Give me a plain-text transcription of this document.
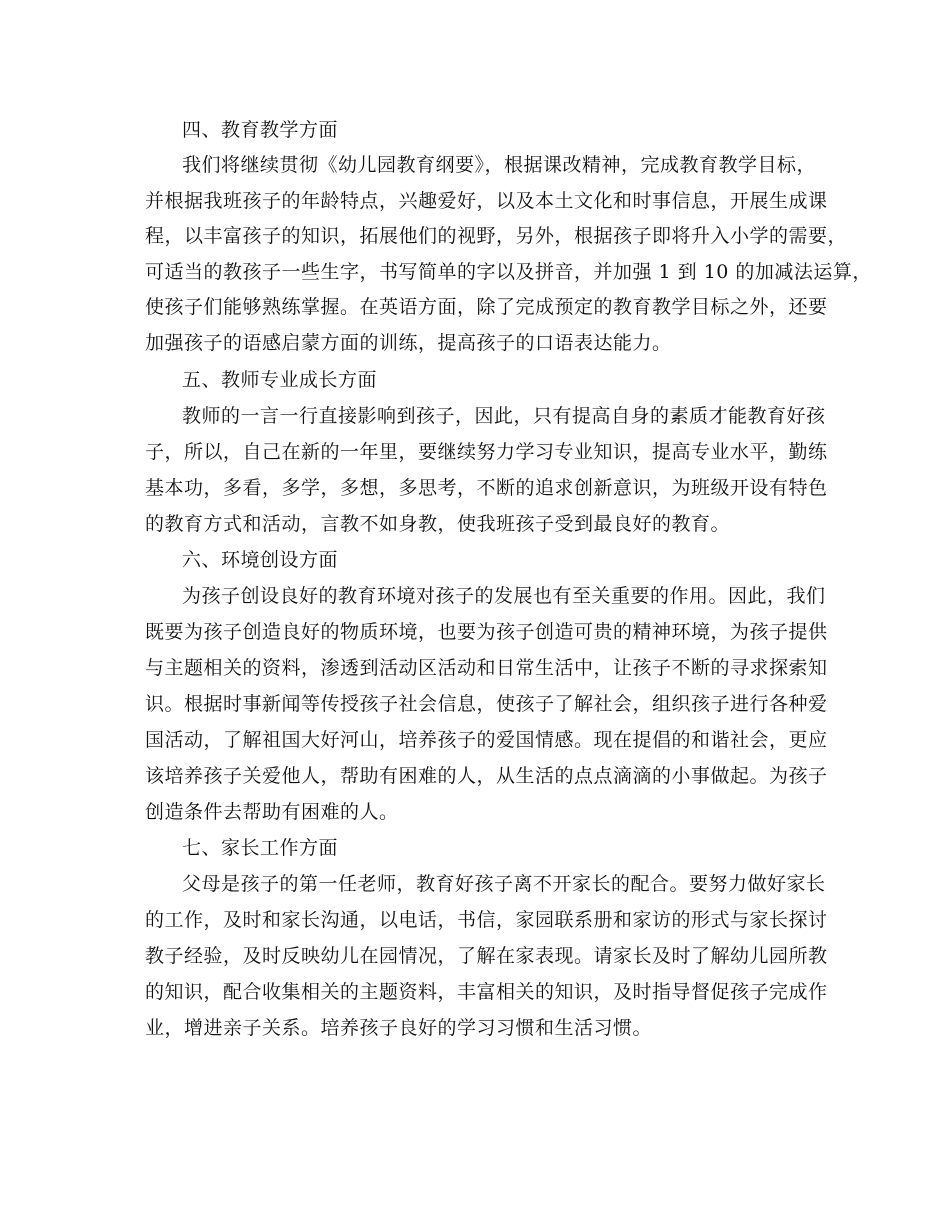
四、教育教学方面
我们将继续贯彻《幼儿园教育纲要》，根据课改精神，完成教育教学目标，
并根据我班孩子的年龄特点，兴趣爱好，以及本土文化和时事信息，开展生成课
程，以丰富孩子的知识，拓展他们的视野，另外，根据孩子即将升入小学的需要，
可适当的教孩子一些生字，书写简单的字以及拼音，并加强 1 到 10 的加减法运算，
使孩子们能够熟练掌握。在英语方面，除了完成预定的教育教学目标之外，还要
加强孩子的语感启蒙方面的训练，提高孩子的口语表达能力。
五、教师专业成长方面
教师的一言一行直接影响到孩子，因此，只有提高自身的素质才能教育好孩
子，所以，自己在新的一年里，要继续努力学习专业知识，提高专业水平，勤练
基本功，多看，多学，多想，多思考，不断的追求创新意识，为班级开设有特色
的教育方式和活动，言教不如身教，使我班孩子受到最良好的教育。
六、环境创设方面
为孩子创设良好的教育环境对孩子的发展也有至关重要的作用。因此，我们
既要为孩子创造良好的物质环境，也要为孩子创造可贵的精神环境，为孩子提供
与主题相关的资料，渗透到活动区活动和日常生活中，让孩子不断的寻求探索知
识。根据时事新闻等传授孩子社会信息，使孩子了解社会，组织孩子进行各种爱
国活动，了解祖国大好河山，培养孩子的爱国情感。现在提倡的和谐社会，更应
该培养孩子关爱他人，帮助有困难的人，从生活的点点滴滴的小事做起。为孩子
创造条件去帮助有困难的人。
七、家长工作方面
父母是孩子的第一任老师，教育好孩子离不开家长的配合。要努力做好家长
的工作，及时和家长沟通，以电话，书信，家园联系册和家访的形式与家长探讨
教子经验，及时反映幼儿在园情况，了解在家表现。请家长及时了解幼儿园所教
的知识，配合收集相关的主题资料，丰富相关的知识，及时指导督促孩子完成作
业，增进亲子关系。培养孩子良好的学习习惯和生活习惯。
